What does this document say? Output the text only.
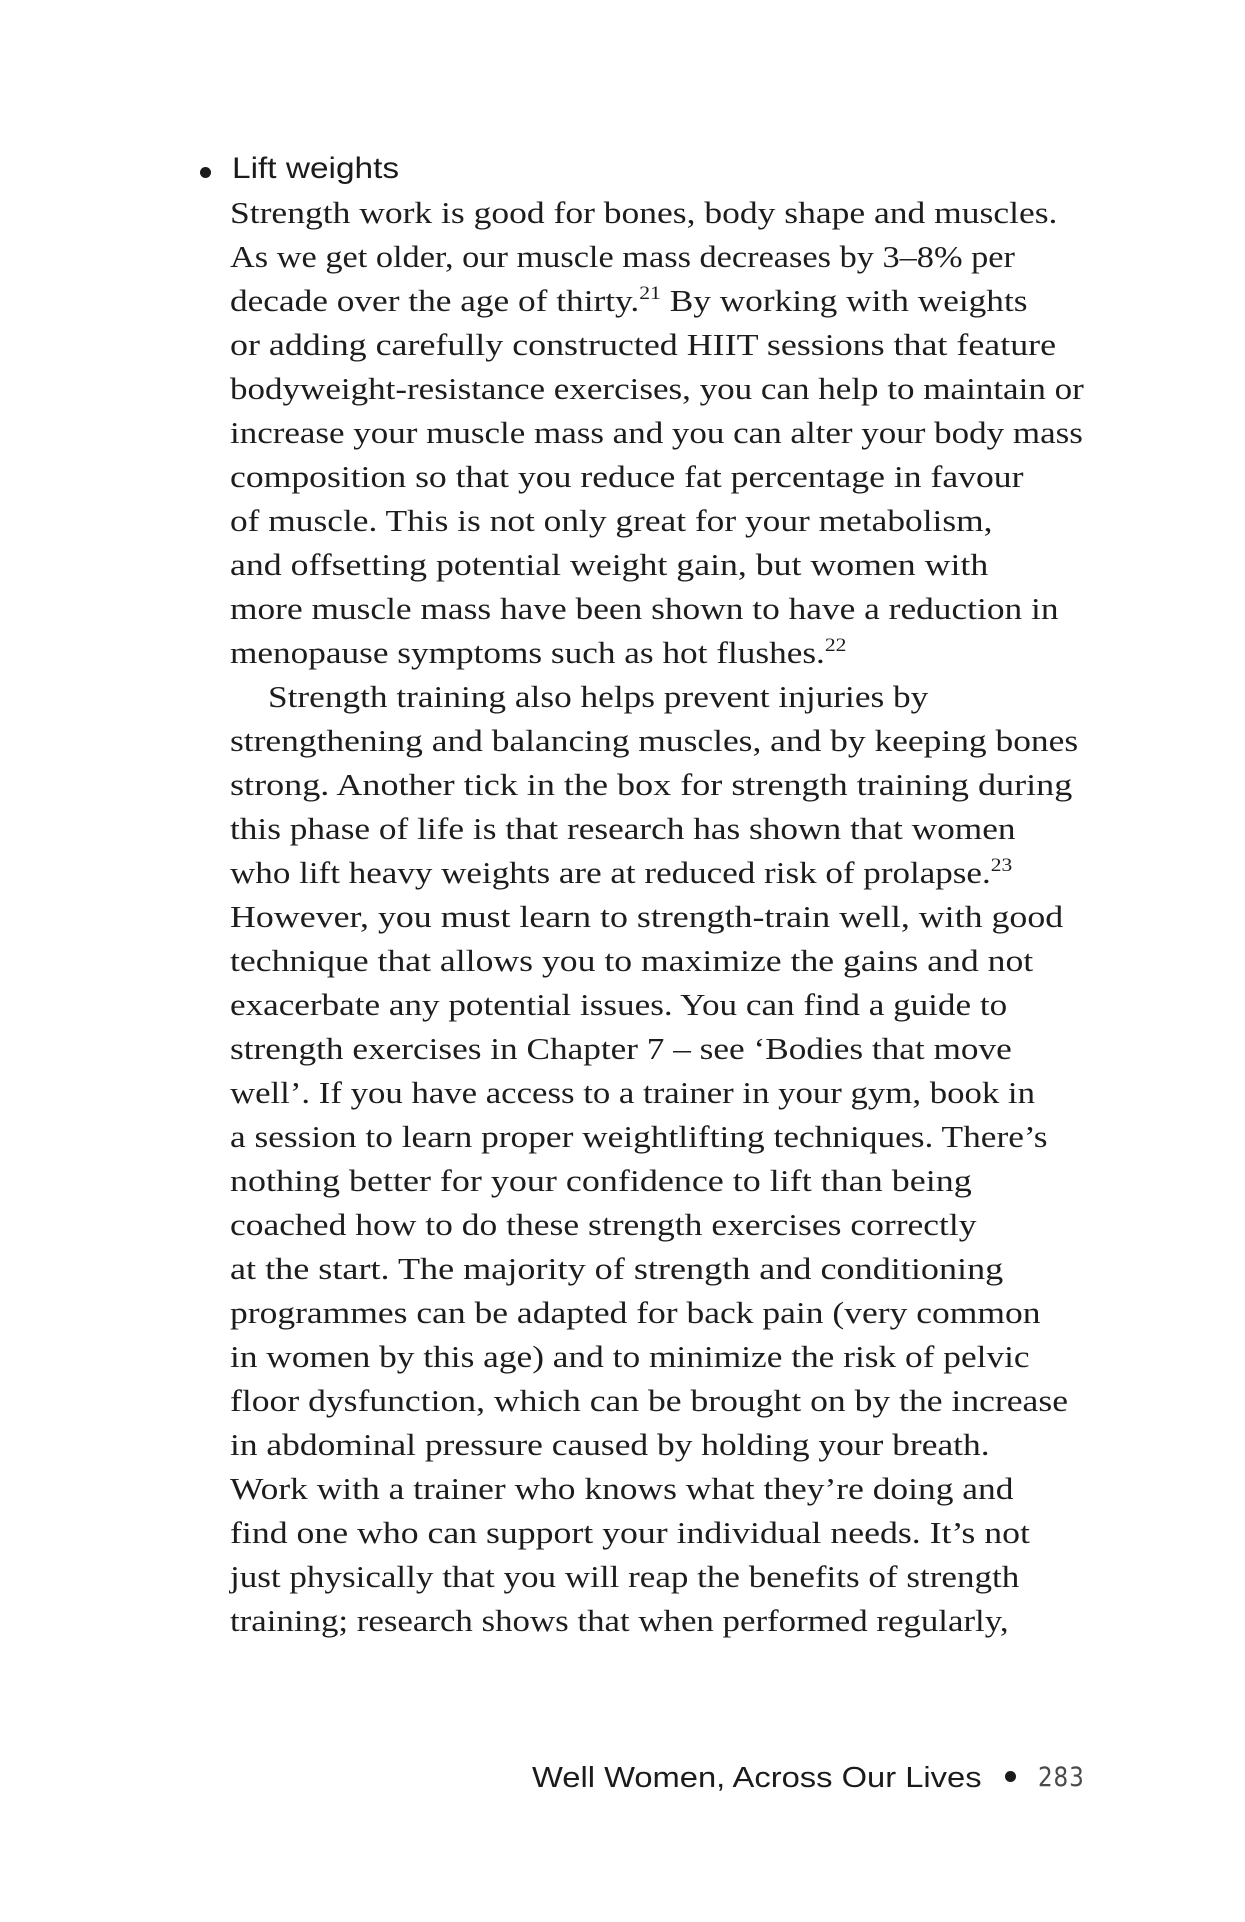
Lift weights
Strength work is good for bones, body shape and muscles.
As we get older, our muscle mass decreases by 3–8% per
decade over the age of thirty.$^{21}$ By working with weights
or adding carefully constructed HIIT sessions that feature
bodyweight-resistance exercises, you can help to maintain or
increase your muscle mass and you can alter your body mass
composition so that you reduce fat percentage in favour
of muscle. This is not only great for your metabolism,
and offsetting potential weight gain, but women with
more muscle mass have been shown to have a reduction in
menopause symptoms such as hot flushes.$^{22}$
Strength training also helps prevent injuries by
strengthening and balancing muscles, and by keeping bones
strong. Another tick in the box for strength training during
this phase of life is that research has shown that women
who lift heavy weights are at reduced risk of prolapse.$^{23}$
However, you must learn to strength-train well, with good
technique that allows you to maximize the gains and not
exacerbate any potential issues. You can find a guide to
strength exercises in Chapter 7 – see ‘Bodies that move
well’. If you have access to a trainer in your gym, book in
a session to learn proper weightlifting techniques. There’s
nothing better for your confidence to lift than being
coached how to do these strength exercises correctly
at the start. The majority of strength and conditioning
programmes can be adapted for back pain (very common
in women by this age) and to minimize the risk of pelvic
floor dysfunction, which can be brought on by the increase
in abdominal pressure caused by holding your breath.
Work with a trainer who knows what they’re doing and
find one who can support your individual needs. It’s not
just physically that you will reap the benefits of strength
training; research shows that when performed regularly,
Well Women, Across Our Lives 283
